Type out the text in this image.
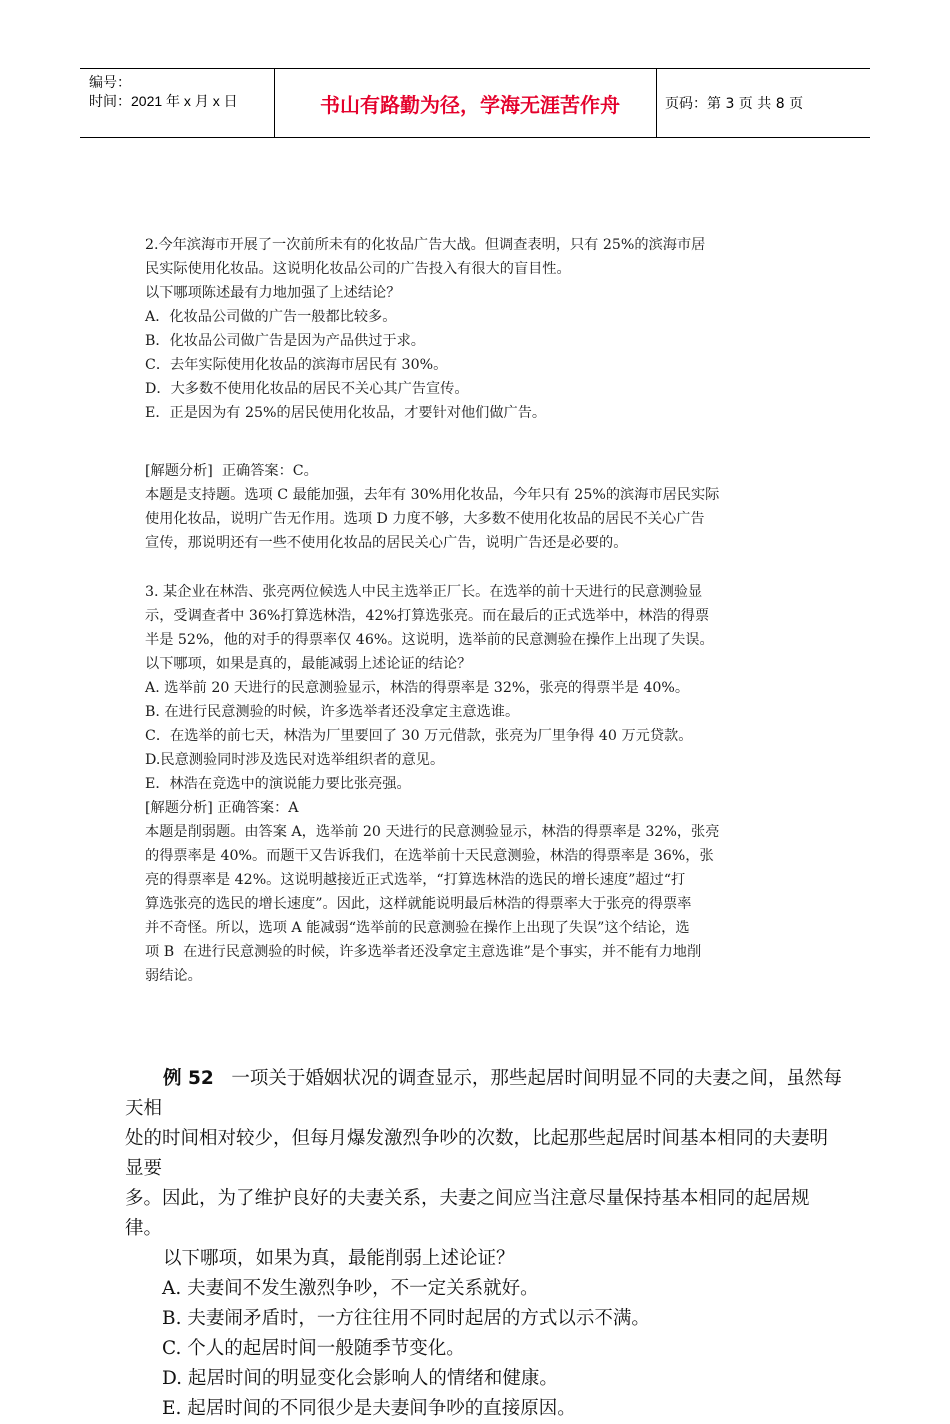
编号：
时间：2021 年 x 月 x 日	书山有路勤为径，学海无涯苦作舟	页码：第 3 页 共 8 页

2.今年滨海市开展了一次前所未有的化妆品广告大战。但调查表明，只有 25%的滨海市居

民实际使用化妆品。这说明化妆品公司的广告投入有很大的盲目性。

以下哪项陈述最有力地加强了上述结论？

A．化妆品公司做的广告一般都比较多。

B．化妆品公司做广告是因为产品供过于求。

C．去年实际使用化妆品的滨海市居民有 30%。

D．大多数不使用化妆品的居民不关心其广告宣传。

E．正是因为有 25%的居民使用化妆品，才要针对他们做广告。

[解题分析]  正确答案：C。

本题是支持题。选项 C 最能加强，去年有 30%用化妆品，今年只有 25%的滨海市居民实际

使用化妆品，说明广告无作用。选项 D 力度不够，大多数不使用化妆品的居民不关心广告

宣传，那说明还有一些不使用化妆品的居民关心广告，说明广告还是必要的。

3. 某企业在林浩、张亮两位候选人中民主选举正厂长。在选举的前十天进行的民意测验显

示，受调查者中 36%打算选林浩，42%打算选张亮。而在最后的正式选举中，林浩的得票

半是 52%，他的对手的得票率仅 46%。这说明，选举前的民意测验在操作上出现了失误。

以下哪项，如果是真的，最能减弱上述论证的结论？

A. 选举前 20 天进行的民意测验显示，林浩的得票率是 32%，张亮的得票半是 40%。

B. 在进行民意测验的时候，许多选举者还没拿定主意选谁。

C．在选举的前七天，林浩为厂里要回了 30 万元借款，张亮为厂里争得 40 万元贷款。

D.民意测验同时涉及选民对选举组织者的意见。

E．林浩在竞选中的演说能力要比张亮强。

[解题分析] 正确答案：A

本题是削弱题。由答案 A，选举前 20 天进行的民意测验显示，林浩的得票率是 32%，张亮

的得票率是 40%。而题干又告诉我们，在选举前十天民意测验，林浩的得票率是 36%，张

亮的得票率是 42%。这说明越接近正式选举，“打算选林浩的选民的增长速度”超过“打

算选张亮的选民的增长速度”。因此，这样就能说明最后林浩的得票率大于张亮的得票率

并不奇怪。所以，选项 A 能减弱“选举前的民意测验在操作上出现了失误”这个结论，选

项 B  在进行民意测验的时候，许多选举者还没拿定主意选谁”是个事实，并不能有力地削

弱结论。

例 52 一项关于婚姻状况的调查显示，那些起居时间明显不同的夫妻之间，虽然每天相

处的时间相对较少，但每月爆发激烈争吵的次数，比起那些起居时间基本相同的夫妻明显要

多。因此，为了维护良好的夫妻关系，夫妻之间应当注意尽量保持基本相同的起居规律。

以下哪项，如果为真，最能削弱上述论证？

A. 夫妻间不发生激烈争吵，不一定关系就好。

B. 夫妻闹矛盾时，一方往往用不同时起居的方式以示不满。

C. 个人的起居时间一般随季节变化。

D. 起居时间的明显变化会影响人的情绪和健康。

E. 起居时间的不同很少是夫妻间争吵的直接原因。
